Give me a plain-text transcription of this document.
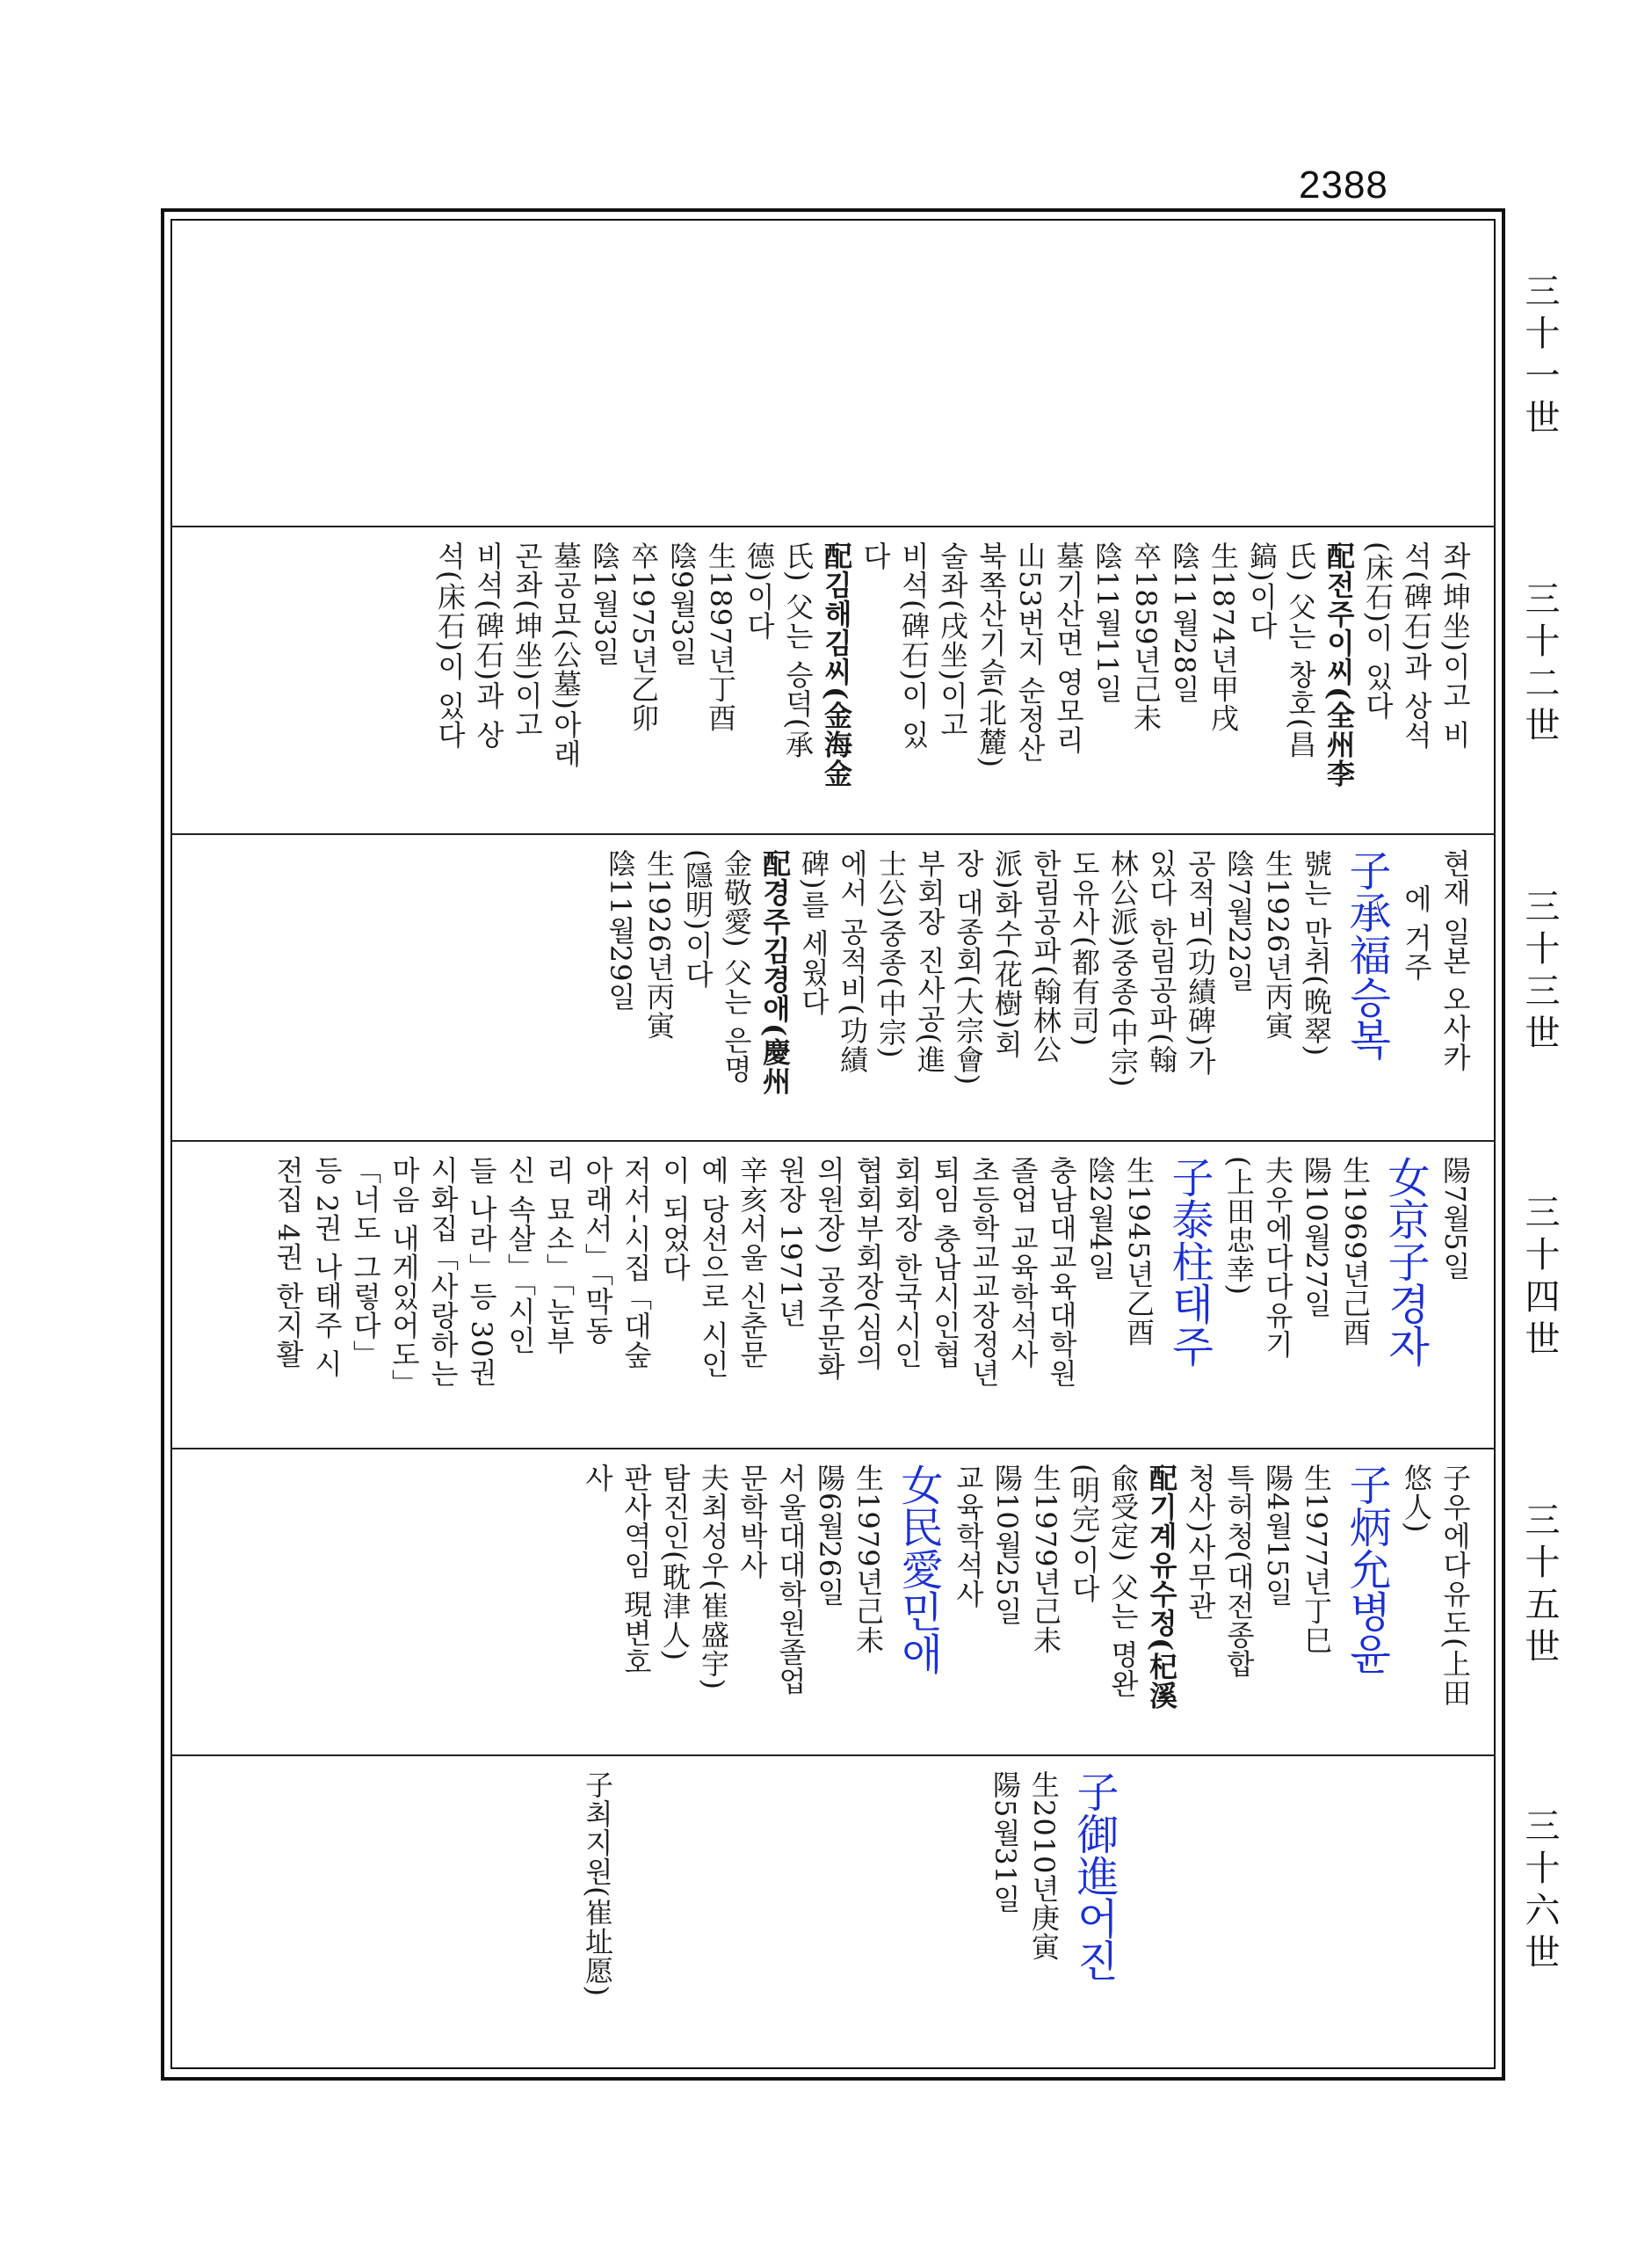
2388
三十一世
三十二世
三十三世
三十四世
三十五世
三十六世

좌(坤坐)이고 비

석(碑石)과 상석

(床石)이 있다

配전주이씨(全州李

氏) 父는 창호(昌

鎬)이다

生1874년甲戌

陰11월28일

卒1859년己未

陰11월11일

墓기산면 영모리

山53번지 순정산

북쪽산기슭(北麓)

술좌(戌坐)이고

비석(碑石)이 있

다

配김해김씨(金海金

氏) 父는 승덕(承

德)이다

生1897년丁酉

陰9월3일

卒1975년乙卯

陰1월3일

墓공묘(公墓)아래

곤좌(坤坐)이고

비석(碑石)과 상

석(床石)이 있다

현재 일본 오사카

에 거주

子承福승복

號는 만취(晩翠)

生1926년丙寅

陰7월22일

공적비(功績碑)가

있다 한림공파(翰

林公派)중종(中宗)

도유사(都有司)

한림공파(翰林公

派)화수(花樹)회

장 대종회(大宗會)

부회장 진사공(進

士公)중종(中宗)

에서 공적비(功績

碑)를 세웠다

配경주김경애(慶州

金敬愛) 父는 은명

(隱明)이다

生1926년丙寅

陰11월29일

陽7월5일

女京子경자

生1969년己酉

陽10월27일

夫우에다다유기

(上田忠幸)

子泰柱태주

生1945년乙酉

陰2월4일

충남대교육대학원

졸업 교육학석사

초등학교교장정년

퇴임 충남시인협

회회장 한국시인

협회부회장(심의

의원장) 공주문화

원장 1971년

辛亥서울 신춘문

예 당선으로 시인

이 되었다

저서-시집「대숲

아래서」「막동

리 묘소」「눈부

신 속살」「시인

들 나라」등 30권

시화집「사랑하는

마음 내게있어도」

「너도 그렇다」

등 2권 나태주 시

전집 4권 한지활

子우에다유도(上田

悠人)

子炳允병윤

生1977년丁巳

陽4월15일

특허청(대전종합

청사)사무관

配기계유수정(杞溪

兪受定) 父는 명완

(明完)이다

生1979년己未

陽10월25일

교육학석사

女民愛민애

生1979년己未

陽6월26일

서울대대학원졸업

문학박사

夫최성우(崔盛宇)

탐진인(耽津人)

판사역임 現변호

사

子御進어진

生2010년庚寅

陽5월31일

子최지원(崔址愿)
